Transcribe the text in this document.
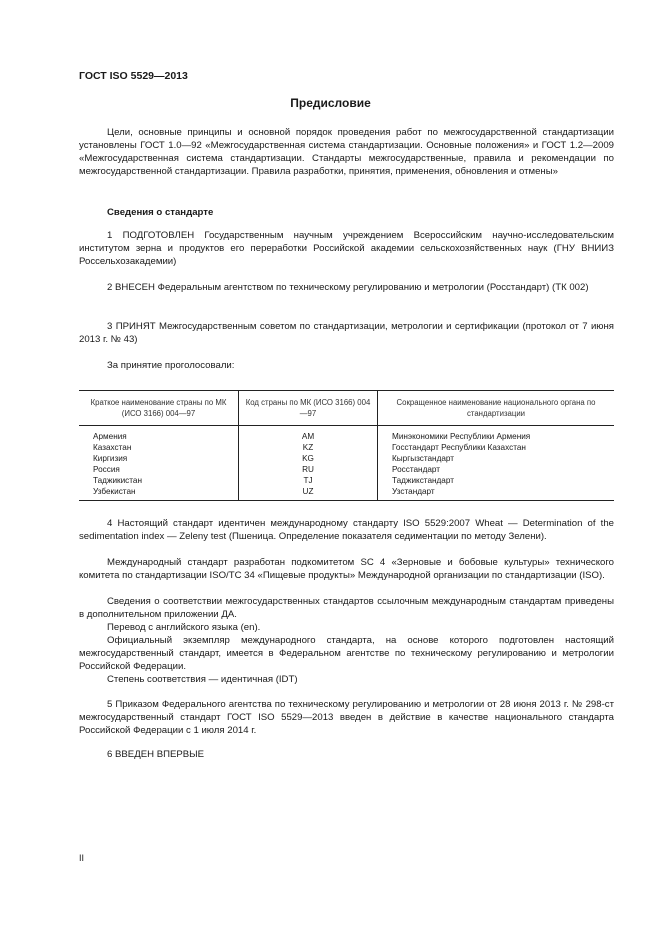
ГОСТ ISO 5529—2013
Предисловие

Цели, основные принципы и основной порядок проведения работ по межгосударственной стандартизации установлены ГОСТ 1.0—92 «Межгосударственная система стандартизации. Основные положения» и ГОСТ 1.2—2009 «Межгосударственная система стандартизации. Стандарты межгосударственные, правила и рекомендации по межгосударственной стандартизации. Правила разработки, принятия, применения, обновления и отмены»

Сведения о стандарте

1 ПОДГОТОВЛЕН Государственным научным учреждением Всероссийским научно-исследовательским институтом зерна и продуктов его переработки Российской академии сельскохозяйственных наук (ГНУ ВНИИЗ Россельхозакадемии)

2 ВНЕСЕН Федеральным агентством по техническому регулированию и метрологии (Росстандарт) (ТК 002)

3 ПРИНЯТ Межгосударственным советом по стандартизации, метрологии и сертификации (протокол от 7 июня 2013 г. № 43)

За принятие проголосовали:
Краткое наименование страны по МК (ИСО 3166) 004—97	Код страны по МК (ИСО 3166) 004—97	Сокращенное наименование национального органа по стандартизации
Армения	AM	Минэкономики Республики Армения
Казахстан	KZ	Госстандарт Республики Казахстан
Киргизия	KG	Кыргызстандарт
Россия	RU	Росстандарт
Таджикистан	TJ	Таджикстандарт
Узбекистан	UZ	Узстандарт

4 Настоящий стандарт идентичен международному стандарту ISO 5529:2007 Wheat — Determination of the sedimentation index — Zeleny test (Пшеница. Определение показателя седиментации по методу Зелени).

Международный стандарт разработан подкомитетом SC 4 «Зерновые и бобовые культуры» технического комитета по стандартизации ISO/TC 34 «Пищевые продукты» Международной организации по стандартизации (ISO).

Сведения о соответствии межгосударственных стандартов ссылочным международным стандартам приведены в дополнительном приложении ДА.

Перевод с английского языка (en).

Официальный экземпляр международного стандарта, на основе которого подготовлен настоящий межгосударственный стандарт, имеется в Федеральном агентстве по техническому регулированию и метрологии Российской Федерации.

Степень соответствия — идентичная (IDT)

5 Приказом Федерального агентства по техническому регулированию и метрологии от 28 июня 2013 г. № 298-ст межгосударственный стандарт ГОСТ ISO 5529—2013 введен в действие в качестве национального стандарта Российской Федерации с 1 июля 2014 г.

6 ВВЕДЕН ВПЕРВЫЕ

II
